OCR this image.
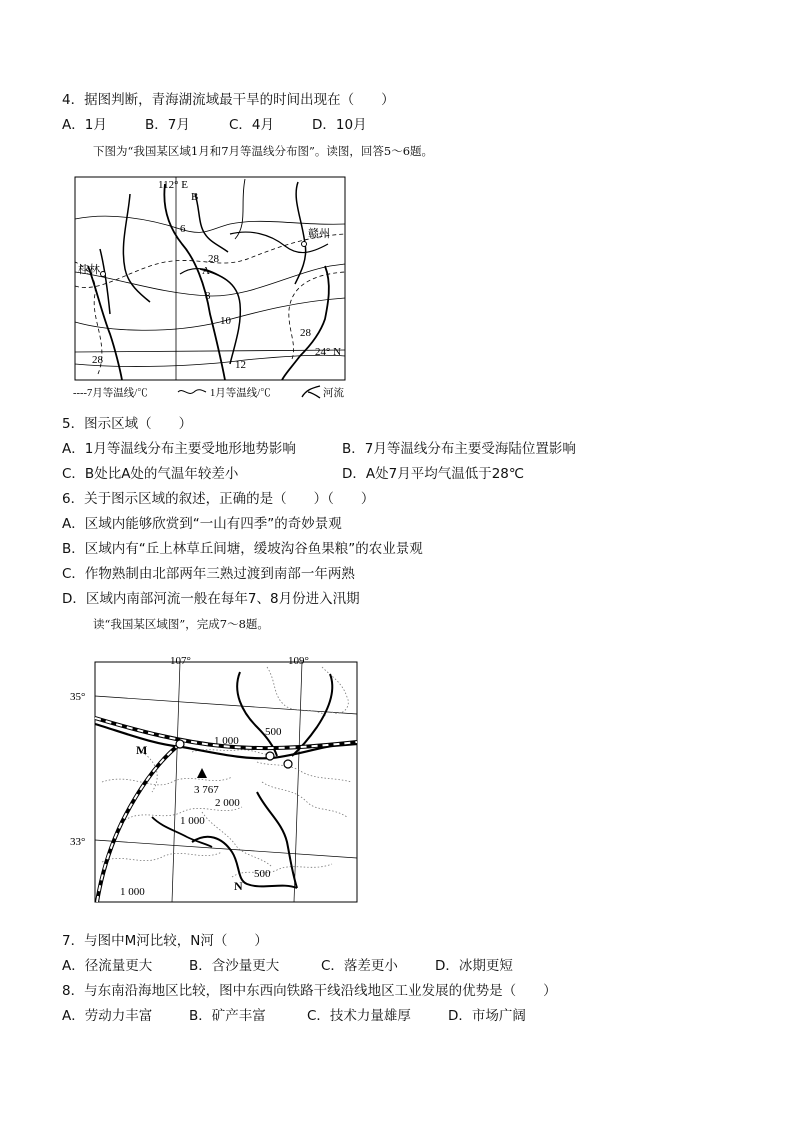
4．据图判断，青海湖流域最干旱的时间出现在（　　）
A．1月	B．7月	C．4月	D．10月
下图为“我国某区域1月和7月等温线分布图”。读图，回答5～6题。
112° E
B
A
桂林
赣州
24° N
6
8
10
12
28
28
28
----7月等温线/℃	1月等温线/℃	河流
5．图示区域（　　）
A．1月等温线分布主要受地形地势影响	B．7月等温线分布主要受海陆位置影响
C．B处比A处的气温年较差小	D．A处7月平均气温低于28℃
6．关于图示区域的叙述，正确的是（　　）（　　）
A．区域内能够欣赏到“一山有四季”的奇妙景观
B．区域内有“丘上林草丘间塘，缓坡沟谷鱼果粮”的农业景观
C．作物熟制由北部两年三熟过渡到南部一年两熟
D．区域内南部河流一般在每年7、8月份进入汛期
读“我国某区域图”，完成7～8题。
107°	109°
35°
33°
M
N
3 767
1 000
500
2 000
1 000
500
1 000
7．与图中M河比较，N河（　　）
A．径流量更大	B．含沙量更大	C．落差更小	D．冰期更短
8．与东南沿海地区比较，图中东西向铁路干线沿线地区工业发展的优势是（　　）
A．劳动力丰富	B．矿产丰富	C．技术力量雄厚	D．市场广阔
